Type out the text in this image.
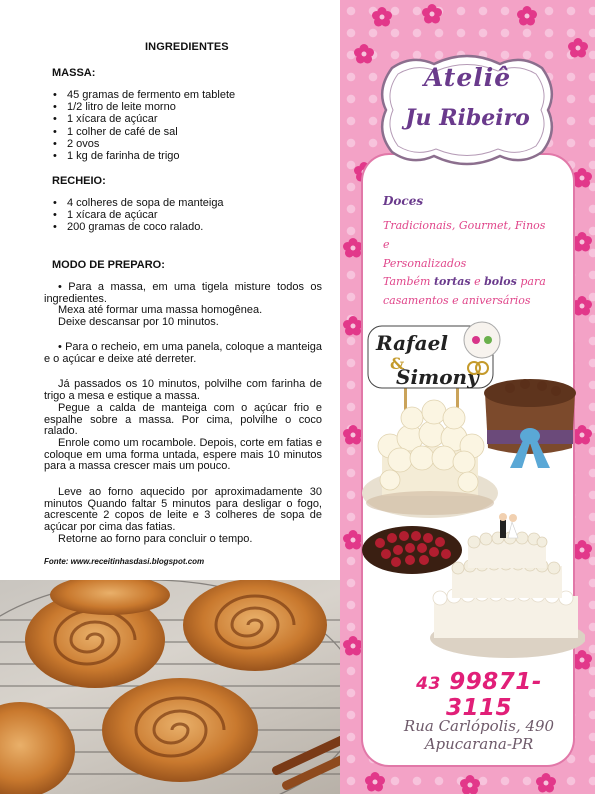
INGREDIENTES
MASSA:
• 45 gramas de fermento em tablete
• 1/2 litro de leite morno
• 1 xícara de açúcar
• 1 colher de café de sal
• 2 ovos
• 1 kg de farinha de trigo
RECHEIO:
• 4 colheres de sopa de manteiga
• 1 xícara de açúcar
• 200 gramas de coco ralado.
MODO DE PREPARO:
• Para a massa, em uma tigela misture todos os ingredientes.
Mexa até formar uma massa homogênea.
Deixe descansar por 10 minutos.
• Para o recheio, em uma panela, coloque a manteiga e o açúcar e deixe até derreter.
Já passados os 10 minutos, polvilhe com farinha de trigo a mesa e estique a massa.
Pegue a calda de manteiga com o açúcar frio e espalhe sobre a massa. Por cima, polvilhe o coco ralado.
Enrole como um rocambole. Depois, corte em fatias e coloque em uma forma untada, espere mais 10 minutos para a massa crescer mais um pouco.
Leve ao forno aquecido por aproximadamente 30 minutos Quando faltar 5 minutos para desligar o fogo, acrescente 2 copos de leite e 3 colheres de sopa de açúcar por cima das fatias.
Retorne ao forno para concluir o tempo.
Fonte: www.receitinhasdasi.blogspot.com
Ateliê
Ju Ribeiro
Doces
Tradicionais, Gourmet, Finos e
Personalizados
Também tortas e bolos para
casamentos e aniversários
Rafael
&
Simony
43 99871-3115
Rua Carlópolis, 490
Apucarana-PR
